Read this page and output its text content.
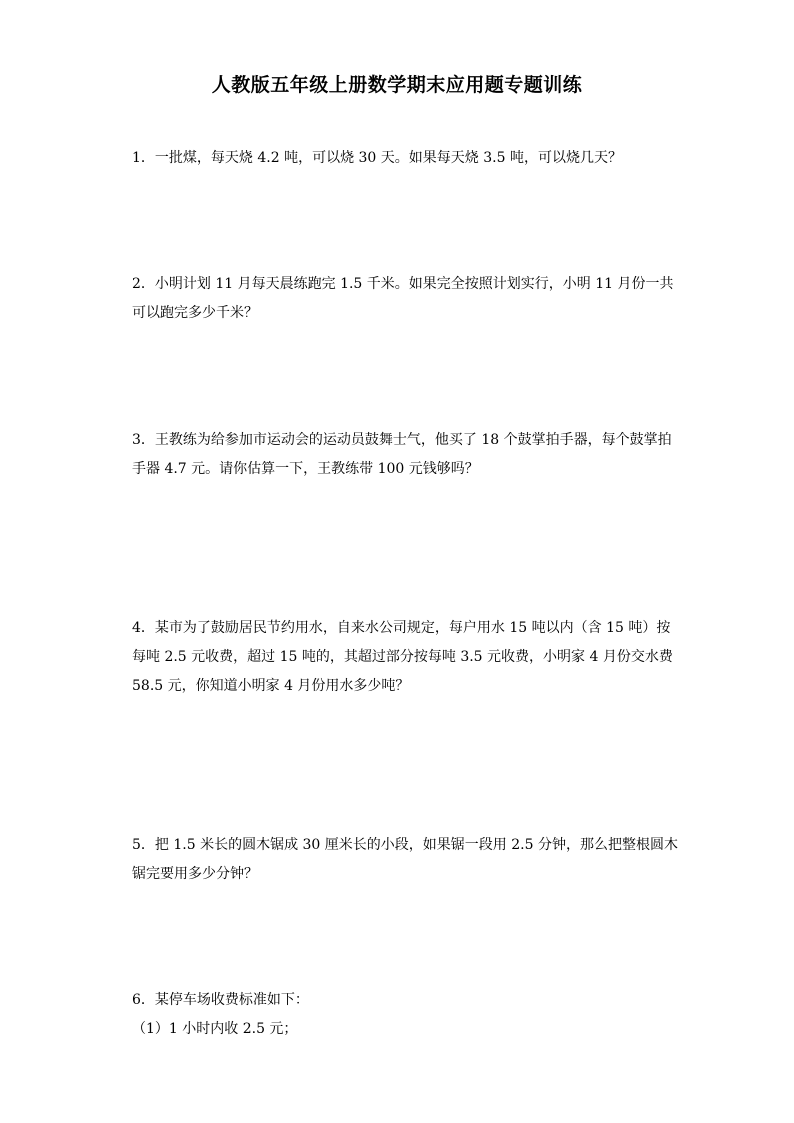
人教版五年级上册数学期末应用题专题训练
1．一批煤，每天烧 4.2 吨，可以烧 30 天。如果每天烧 3.5 吨，可以烧几天？
2．小明计划 11 月每天晨练跑完 1.5 千米。如果完全按照计划实行，小明 11 月份一共
可以跑完多少千米？
3．王教练为给参加市运动会的运动员鼓舞士气，他买了 18 个鼓掌拍手器，每个鼓掌拍
手器 4.7 元。请你估算一下，王教练带 100 元钱够吗？
4．某市为了鼓励居民节约用水，自来水公司规定，每户用水 15 吨以内（含 15 吨）按
每吨 2.5 元收费，超过 15 吨的，其超过部分按每吨 3.5 元收费，小明家 4 月份交水费
58.5 元，你知道小明家 4 月份用水多少吨？
5．把 1.5 米长的圆木锯成 30 厘米长的小段，如果锯一段用 2.5 分钟，那么把整根圆木
锯完要用多少分钟？
6．某停车场收费标准如下：
（1）1 小时内收 2.5 元；
